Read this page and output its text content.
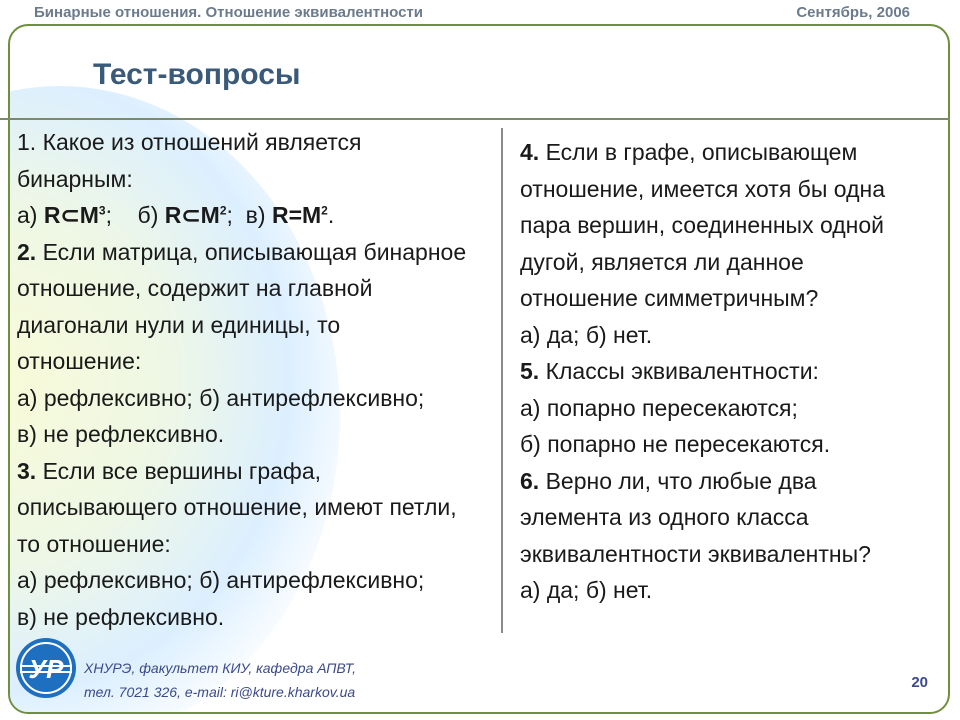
Бинарные отношения. Отношение эквивалентности	Сентябрь, 2006
Тест-вопросы
1. Какое из отношений является
бинарным:
а) $R\subset M^3$; б) $R\subset M^2$; в) $R=M^2$.
2. Если матрица, описывающая бинарное
отношение, содержит на главной
диагонали нули и единицы, то
отношение:
а) рефлексивно; б) антирефлексивно;
в) не рефлексивно.
3. Если все вершины графа,
описывающего отношение, имеют петли,
то отношение:
а) рефлексивно; б) антирефлексивно;
в) не рефлексивно.
4. Если в графе, описывающем
отношение, имеется хотя бы одна
пара вершин, соединенных одной
дугой, является ли данное
отношение симметричным?
а) да; б) нет.
5. Классы эквивалентности:
а) попарно пересекаются;
б) попарно не пересекаются.
6. Верно ли, что любые два
элемента из одного класса
эквивалентности эквивалентны?
а) да; б) нет.
УР ХНУРЭ, факультет КИУ, кафедра АПВТ,
тел. 7021 326, e-mail: ri@kture.kharkov.ua
20
